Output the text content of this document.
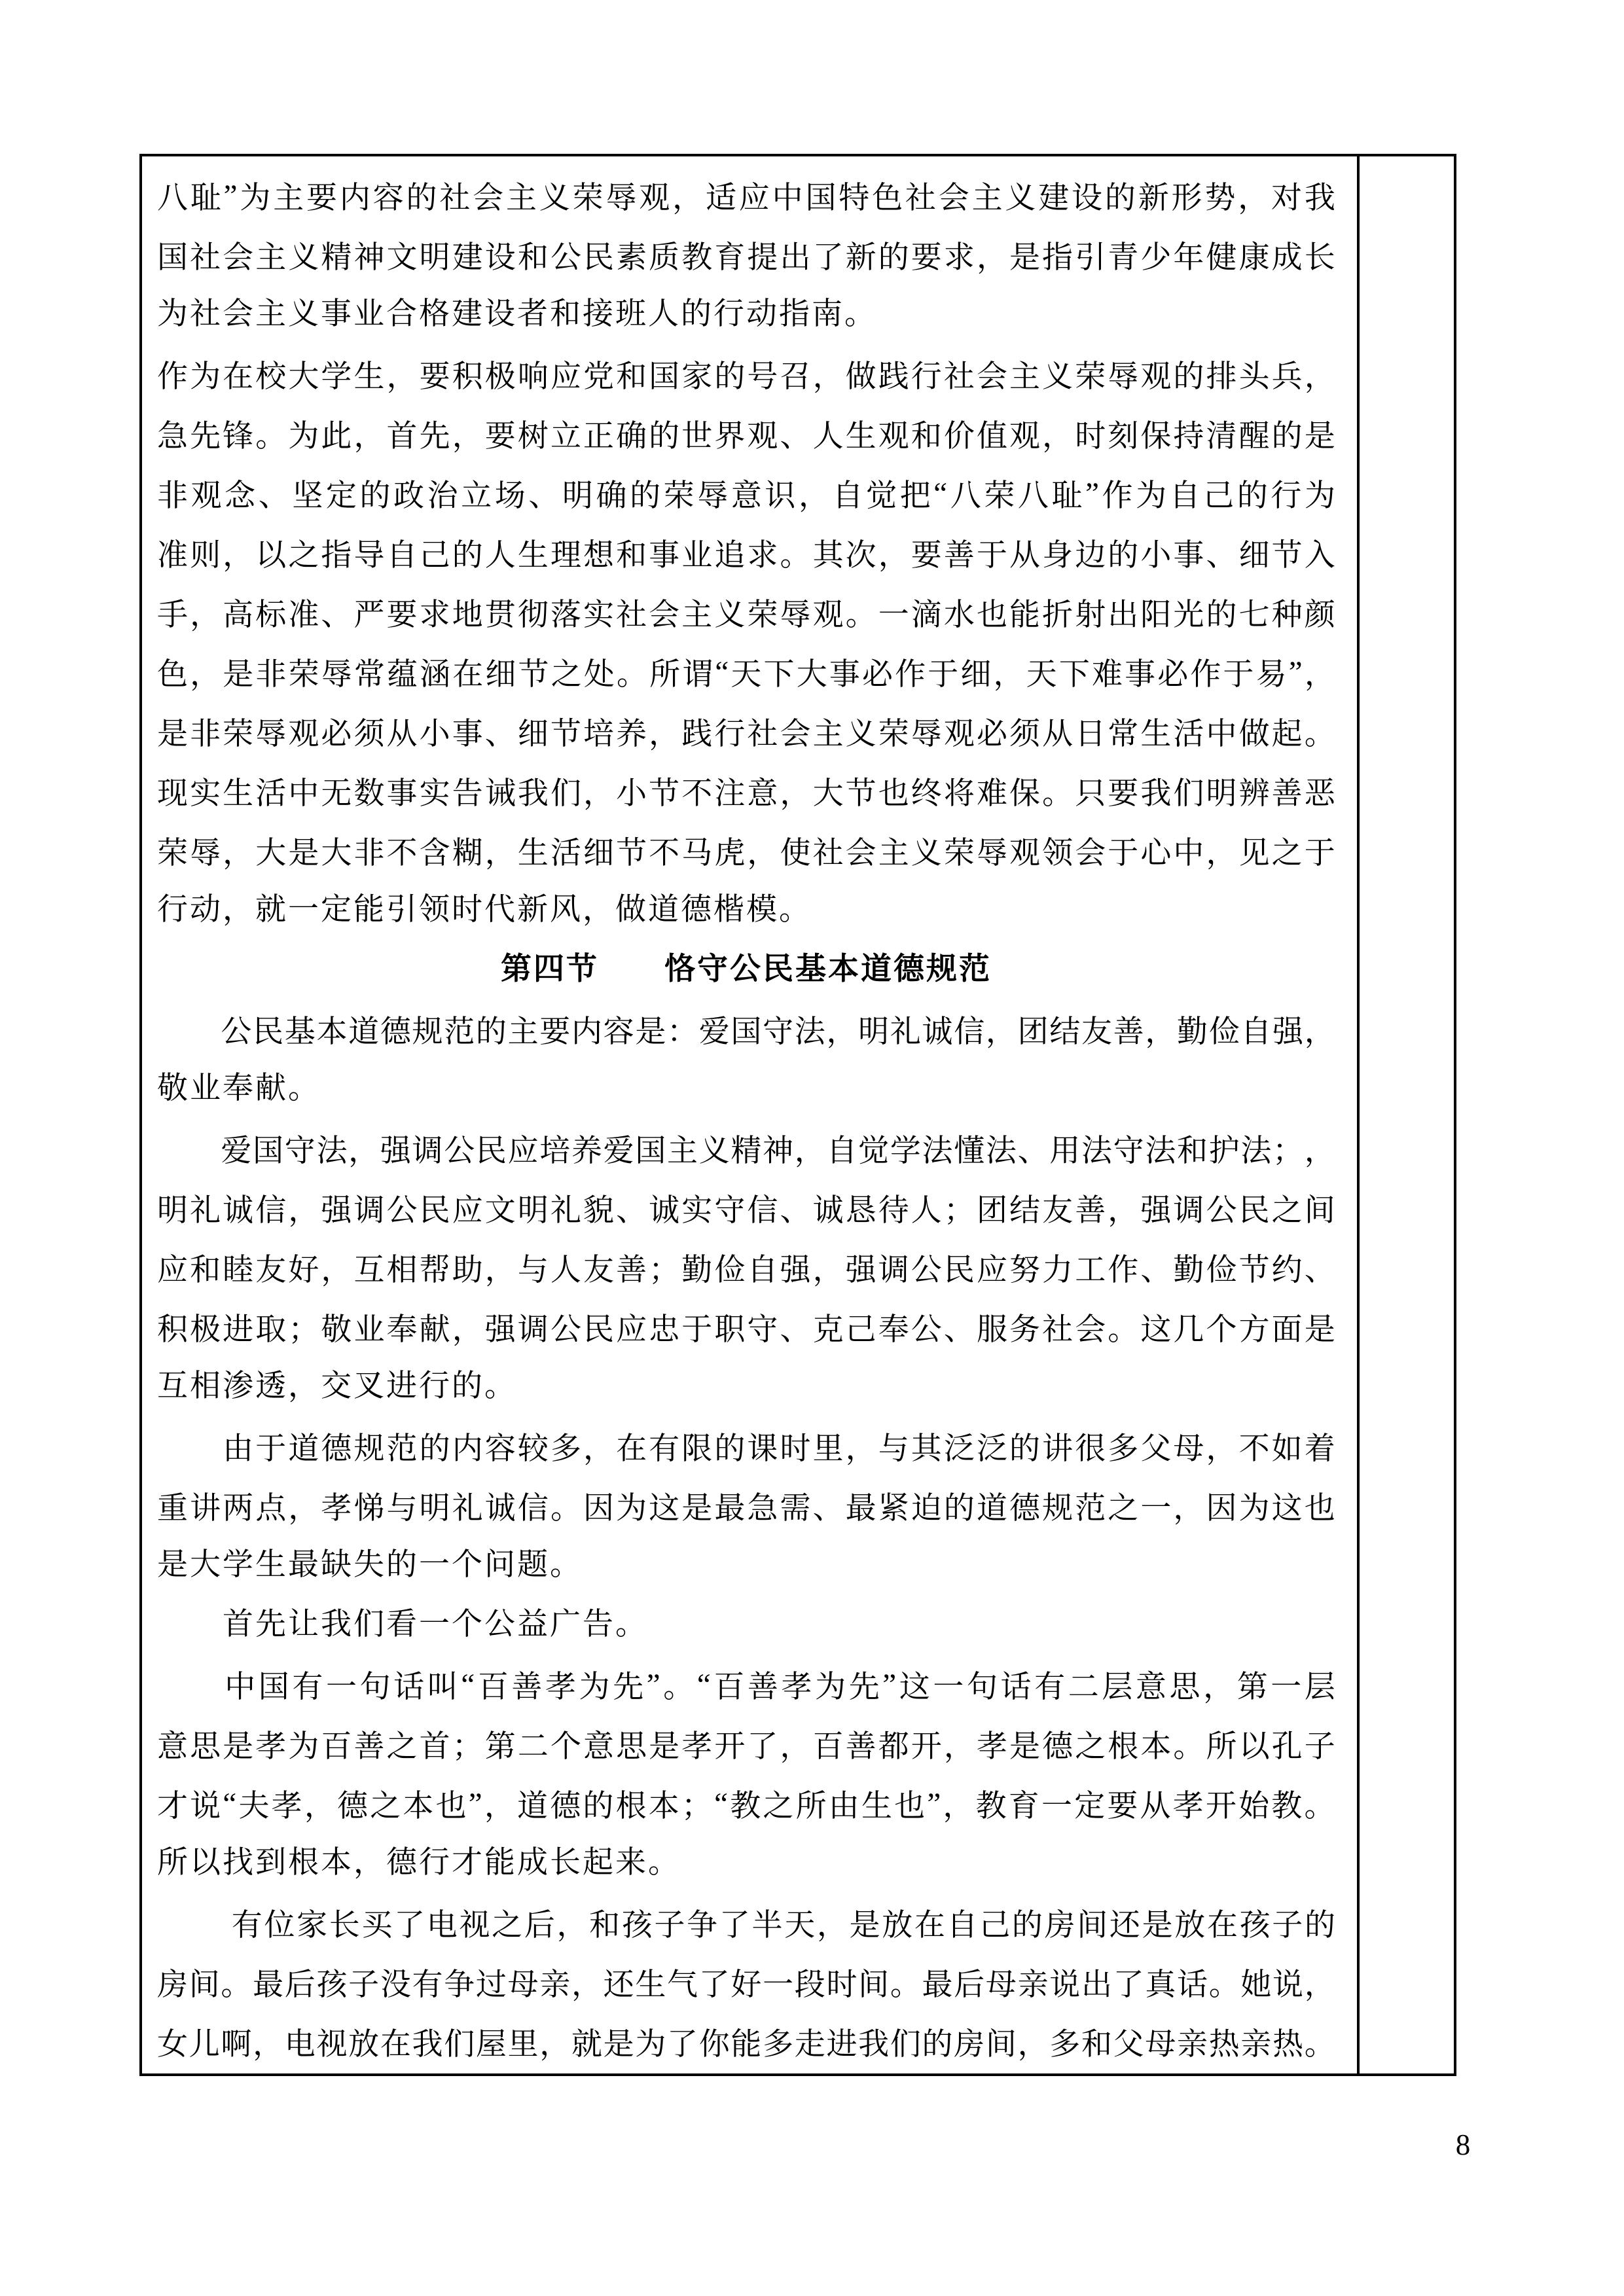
八 耻 ” 为 主 要 内 容 的 社 会 主 义 荣 辱 观 ， 适 应 中 国 特 色 社 会 主 义 建 设 的 新 形 势 ， 对 我
国 社 会 主 义 精 神 文 明 建 设 和 公 民 素 质 教 育 提 出 了 新 的 要 求 ， 是 指 引 青 少 年 健 康 成 长
为社会主义事业合格建设者和接班人的行动指南。
作 为 在 校 大 学 生 ， 要 积 极 响 应 党 和 国 家 的 号 召 ， 做 践 行 社 会 主 义 荣 辱 观 的 排 头 兵 ，
急 先 锋 。 为 此 ， 首 先 ， 要 树 立 正 确 的 世 界 观 、 人 生 观 和 价 值 观 ， 时 刻 保 持 清 醒 的 是
非 观 念 、 坚 定 的 政 治 立 场 、 明 确 的 荣 辱 意 识 ， 自 觉 把 “ 八 荣 八 耻 ” 作 为 自 己 的 行 为
准 则 ， 以 之 指 导 自 己 的 人 生 理 想 和 事 业 追 求 。 其 次 ， 要 善 于 从 身 边 的 小 事 、 细 节 入
手 ， 高 标 准 、 严 要 求 地 贯 彻 落 实 社 会 主 义 荣 辱 观 。 一 滴 水 也 能 折 射 出 阳 光 的 七 种 颜
色 ， 是 非 荣 辱 常 蕴 涵 在 细 节 之 处 。 所 谓 “ 天 下 大 事 必 作 于 细 ， 天 下 难 事 必 作 于 易 ” ，
是 非 荣 辱 观 必 须 从 小 事 、 细 节 培 养 ， 践 行 社 会 主 义 荣 辱 观 必 须 从 日 常 生 活 中 做 起 。
现 实 生 活 中 无 数 事 实 告 诫 我 们 ， 小 节 不 注 意 ， 大 节 也 终 将 难 保 。 只 要 我 们 明 辨 善 恶
荣 辱 ， 大 是 大 非 不 含 糊 ， 生 活 细 节 不 马 虎 ， 使 社 会 主 义 荣 辱 观 领 会 于 心 中 ， 见 之 于
行动，就一定能引领时代新风，做道德楷模。
第四节　　恪守公民基本道德规范

公 民 基 本 道 德 规 范 的 主 要 内 容 是 ： 爱 国 守 法 ， 明 礼 诚 信 ， 团 结 友 善 ， 勤 俭 自 强 ，
敬业奉献。

爱 国 守 法 ， 强 调 公 民 应 培 养 爱 国 主 义 精 神 ， 自 觉 学 法 懂 法 、 用 法 守 法 和 护 法 ； ，
明 礼 诚 信 ， 强 调 公 民 应 文 明 礼 貌 、 诚 实 守 信 、 诚 恳 待 人 ； 团 结 友 善 ， 强 调 公 民 之 间
应 和 睦 友 好 ， 互 相 帮 助 ， 与 人 友 善 ； 勤 俭 自 强 ， 强 调 公 民 应 努 力 工 作 、 勤 俭 节 约 、
积 极 进 取 ； 敬 业 奉 献 ， 强 调 公 民 应 忠 于 职 守 、 克 己 奉 公 、 服 务 社 会 。 这 几 个 方 面 是
互相渗透，交叉进行的。

由 于 道 德 规 范 的 内 容 较 多 ， 在 有 限 的 课 时 里 ， 与 其 泛 泛 的 讲 很 多 父 母 ， 不 如 着
重 讲 两 点 ， 孝 悌 与 明 礼 诚 信 。 因 为 这 是 最 急 需 、 最 紧 迫 的 道 德 规 范 之 一 ， 因 为 这 也
是大学生最缺失的一个问题。
　　首先让我们看一个公益广告。

中 国 有 一 句 话 叫 “ 百 善 孝 为 先 ” 。 “ 百 善 孝 为 先 ” 这 一 句 话 有 二 层 意 思 ， 第 一 层
意 思 是 孝 为 百 善 之 首 ； 第 二 个 意 思 是 孝 开 了 ， 百 善 都 开 ， 孝 是 德 之 根 本 。 所 以 孔 子
才 说 “ 夫 孝 ， 德 之 本 也 ” ， 道 德 的 根 本 ； “ 教 之 所 由 生 也 ” ， 教 育 一 定 要 从 孝 开 始 教 。
所以找到根本，德行才能成长起来。

有 位 家 长 买 了 电 视 之 后 ， 和 孩 子 争 了 半 天 ， 是 放 在 自 己 的 房 间 还 是 放 在 孩 子 的
房 间 。 最 后 孩 子 没 有 争 过 母 亲 ， 还 生 气 了 好 一 段 时 间 。 最 后 母 亲 说 出 了 真 话 。 她 说 ，
女 儿 啊 ， 电 视 放 在 我 们 屋 里 ， 就 是 为 了 你 能 多 走 进 我 们 的 房 间 ， 多 和 父 母 亲 热 亲 热 。
8
